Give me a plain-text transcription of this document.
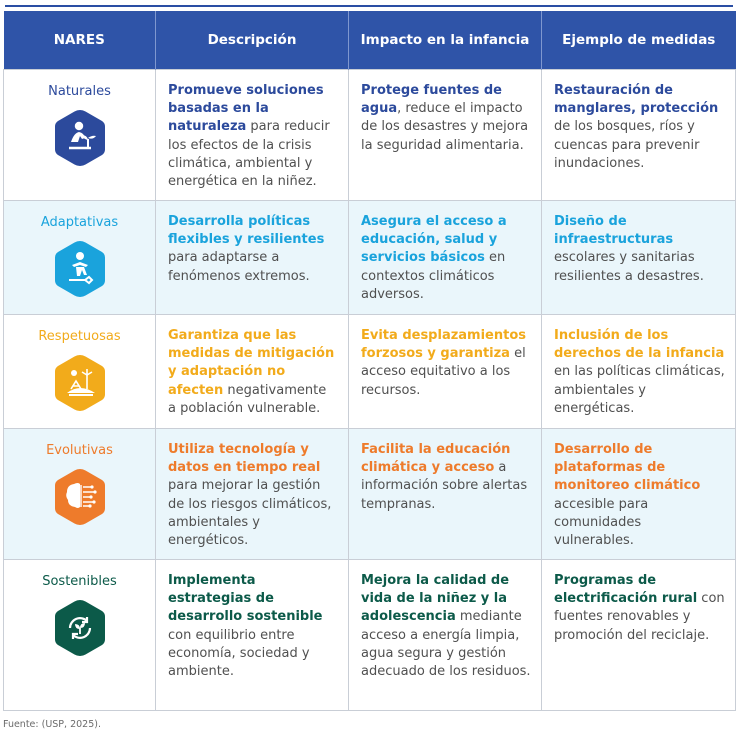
NARES	Descripción	Impacto en la infancia	Ejemplo de medidas

Naturales	Promueve soluciones basadas en la naturaleza para reducir los efectos de la crisis climática, ambiental y energética en la niñez.	Protege fuentes de agua, reduce el impacto de los desastres y mejora la seguridad alimentaria.	Restauración de manglares, protección de los bosques, ríos y cuencas para prevenir inundaciones.

Adaptativas	Desarrolla políticas flexibles y resilientes para adaptarse a fenómenos extremos.	Asegura el acceso a educación, salud y servicios básicos en contextos climáticos adversos.	Diseño de infraestructuras escolares y sanitarias resilientes a desastres.

Respetuosas	Garantiza que las medidas de mitigación y adaptación no afecten negativamente a población vulnerable.	Evita desplazamientos forzosos y garantiza el acceso equitativo a los recursos.	Inclusión de los derechos de la infancia en las políticas climáticas, ambientales y energéticas.

Evolutivas	Utiliza tecnología y datos en tiempo real para mejorar la gestión de los riesgos climáticos, ambientales y energéticos.	Facilita la educación climática y acceso a información sobre alertas tempranas.	Desarrollo de plataformas de monitoreo climático accesible para comunidades vulnerables.

Sostenibles	Implementa estrategias de desarrollo sostenible con equilibrio entre economía, sociedad y ambiente.	Mejora la calidad de vida de la niñez y la adolescencia mediante acceso a energía limpia, agua segura y gestión adecuado de los residuos.	Programas de electrificación rural con fuentes renovables y promoción del reciclaje.
Fuente: (USP, 2025).
